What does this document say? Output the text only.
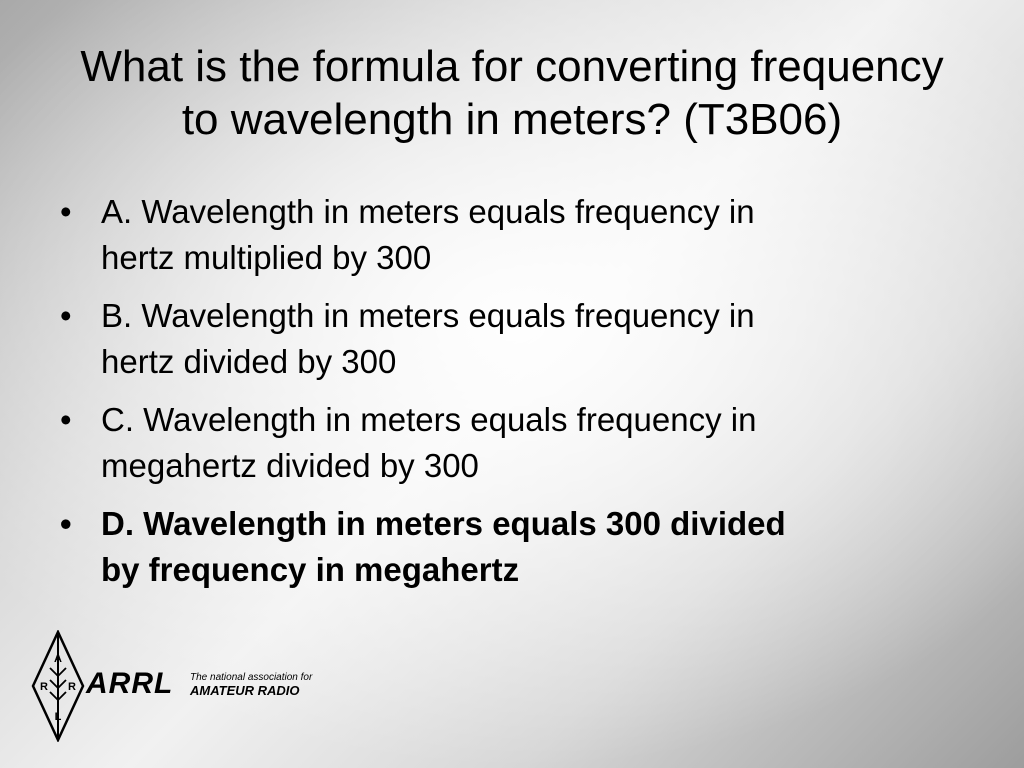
What is the formula for converting frequency
to wavelength in meters? (T3B06)
• A. Wavelength in meters equals frequency in
hertz multiplied by 300
• B. Wavelength in meters equals frequency in
hertz divided by 300
• C. Wavelength in meters equals frequency in
megahertz divided by 300
• D. Wavelength in meters equals 300 divided
by frequency in megahertz
A
R R
L
ARRL The national association for
AMATEUR RADIO
